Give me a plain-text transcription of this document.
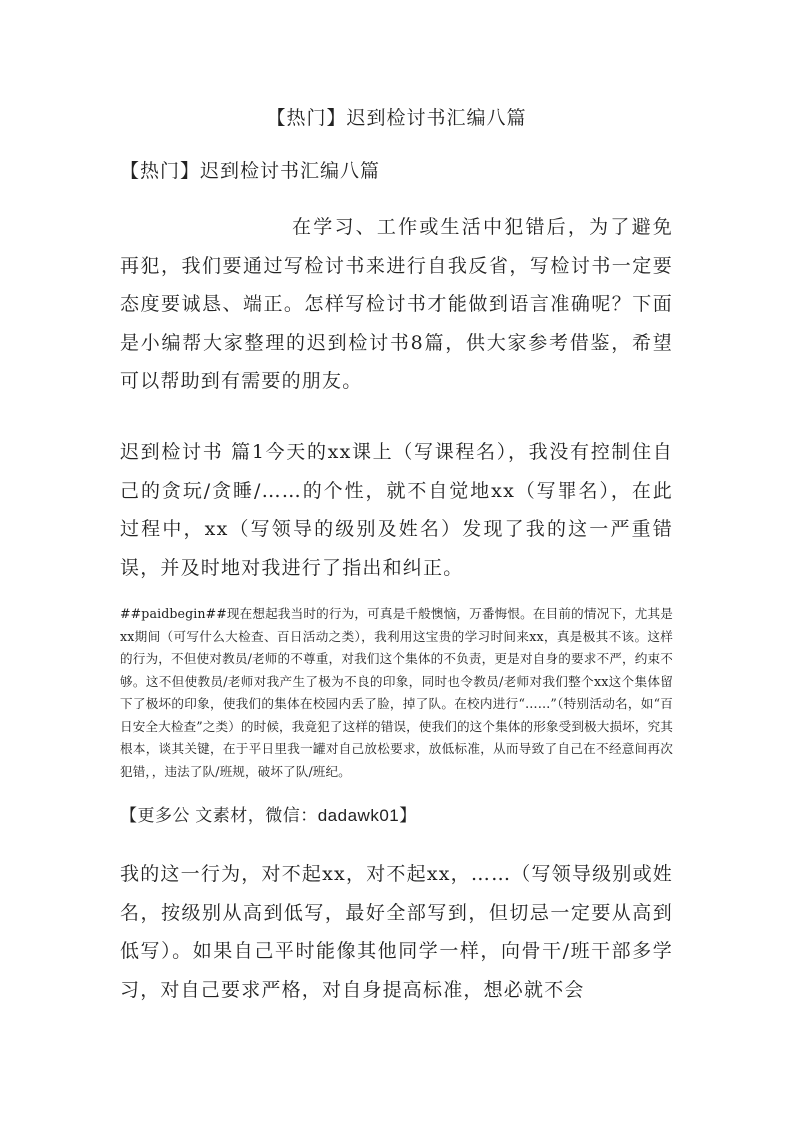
【热门】迟到检讨书汇编八篇
【热门】迟到检讨书汇编八篇
在学习、工作或生活中犯错后，为了避免再犯，我们要通过写检讨书来进行自我反省，写检讨书一定要态度要诚恳、端正。怎样写检讨书才能做到语言准确呢？下面是小编帮大家整理的迟到检讨书8篇，供大家参考借鉴，希望可以帮助到有需要的朋友。
迟到检讨书 篇1今天的xx课上（写课程名），我没有控制住自己的贪玩/贪睡/……的个性，就不自觉地xx（写罪名），在此过程中，xx（写领导的级别及姓名）发现了我的这一严重错误，并及时地对我进行了指出和纠正。
##paidbegin##现在想起我当时的行为，可真是千般懊恼，万番悔恨。在目前的情况下，尤其是xx期间（可写什么大检查、百日活动之类），我利用这宝贵的学习时间来xx，真是极其不该。这样的行为，不但使对教员/老师的不尊重，对我们这个集体的不负责，更是对自身的要求不严，约束不够。这不但使教员/老师对我产生了极为不良的印象，同时也令教员/老师对我们整个xx这个集体留下了极坏的印象，使我们的集体在校园内丢了脸，掉了队。在校内进行“……”（特别活动名，如“百日安全大检查”之类）的时候，我竟犯了这样的错误，使我们的这个集体的形象受到极大损坏，究其根本，谈其关键，在于平日里我一罐对自己放松要求，放低标准，从而导致了自己在不经意间再次犯错，，违法了队/班规，破坏了队/班纪。
【更多公 文素材，微信：dadawk01】
我的这一行为，对不起xx，对不起xx，……（写领导级别或姓名，按级别从高到低写，最好全部写到，但切忌一定要从高到低写）。如果自己平时能像其他同学一样，向骨干/班干部多学习，对自己要求严格，对自身提高标准，想必就不会
